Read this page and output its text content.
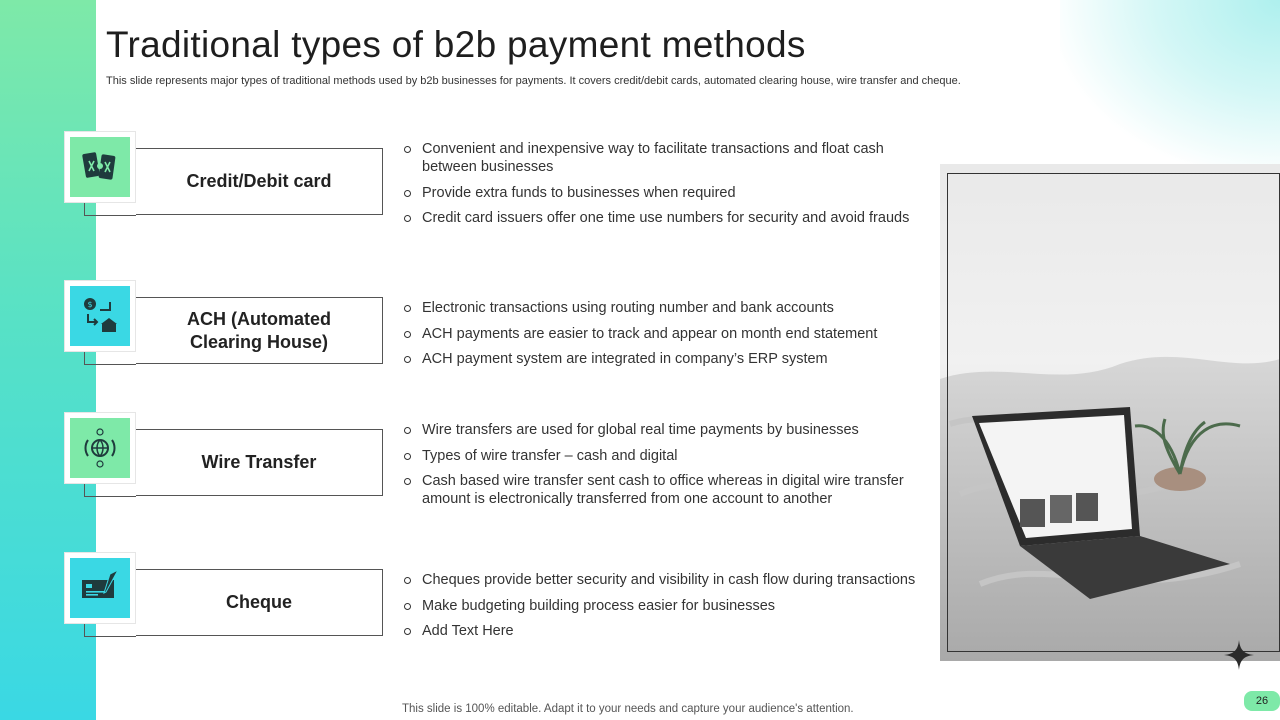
Traditional types of b2b payment methods

This slide represents major types of traditional methods used by b2b businesses for payments. It covers credit/debit cards, automated clearing house, wire transfer and cheque.

Credit/Debit card
Convenient and inexpensive way to facilitate transactions and float cash between businesses
Provide extra funds to businesses when required
Credit card issuers offer one time use numbers for security and avoid frauds
$
ACH (Automated Clearing House)
Electronic transactions using routing number and bank accounts
ACH payments are easier to track and appear on month end statement
ACH payment system are integrated in company’s ERP system
Wire Transfer
Wire transfers are used for global real time payments by businesses
Types of wire transfer – cash and digital
Cash based wire transfer sent cash to office whereas in digital wire transfer amount is electronically transferred from one account to another
Cheque
Cheques provide better security and visibility in cash flow during transactions
Make budgeting building process easier for businesses
Add Text Here
This slide is 100% editable. Adapt it to your needs and capture your audience's attention.
26
